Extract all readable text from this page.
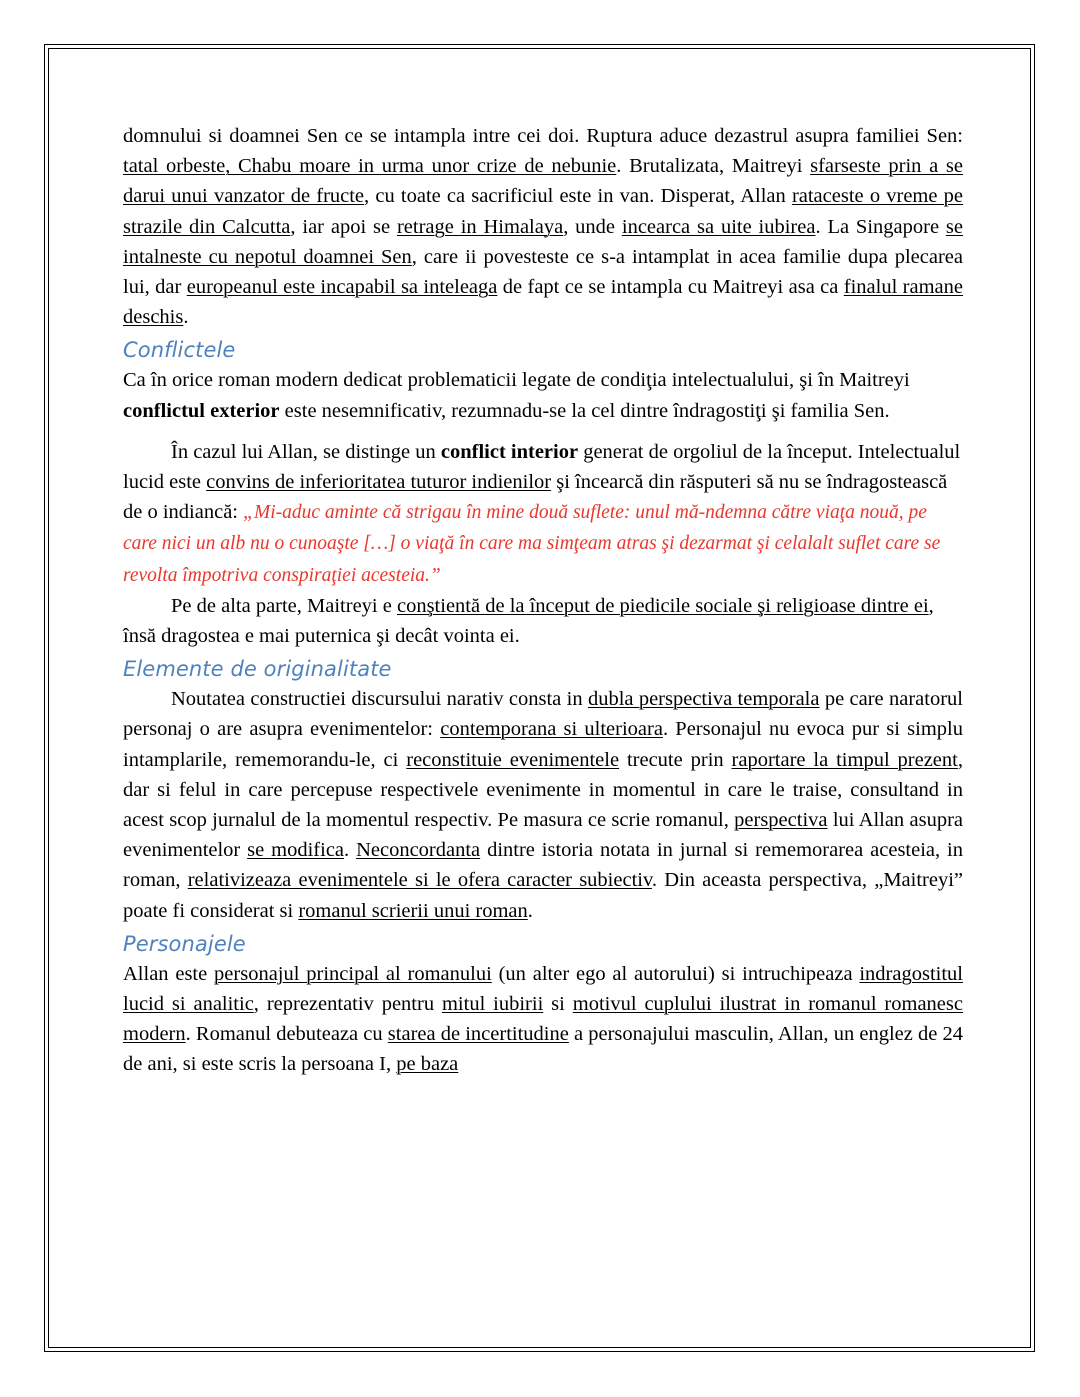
domnului si doamnei Sen ce se intampla intre cei doi. Ruptura aduce dezastrul asupra familiei Sen: tatal orbeste, Chabu moare in urma unor crize de nebunie. Brutalizata, Maitreyi sfarseste prin a se darui unui vanzator de fructe, cu toate ca sacrificiul este in van. Disperat, Allan rataceste o vreme pe strazile din Calcutta, iar apoi se retrage in Himalaya, unde incearca sa uite iubirea. La Singapore se intalneste cu nepotul doamnei Sen, care ii povesteste ce s-a intamplat in acea familie dupa plecarea lui, dar europeanul este incapabil sa inteleaga de fapt ce se intampla cu Maitreyi asa ca finalul ramane deschis.

Conflictele

Ca în orice roman modern dedicat problematicii legate de condiţia intelectualului, şi în Maitreyi conflictul exterior este nesemnificativ, rezumnadu-se la cel dintre îndragostiţi şi familia Sen.

În cazul lui Allan, se distinge un conflict interior generat de orgoliul de la început. Intelectualul lucid este convins de inferioritatea tuturor indienilor şi încearcă din răsputeri să nu se îndragostească de o indiancă: „Mi-aduc aminte că strigau în mine două suflete: unul mă-ndemna către viaţa nouă, pe care nici un alb nu o cunoaşte […] o viaţă în care ma simţeam atras şi dezarmat şi celalalt suflet care se revolta împotriva conspiraţiei acesteia.”

Pe de alta parte, Maitreyi e conştientă de la început de piedicile sociale şi religioase dintre ei, însă dragostea e mai puternica şi decât vointa ei.

Elemente de originalitate

Noutatea constructiei discursului narativ consta in dubla perspectiva temporala pe care naratorul personaj o are asupra evenimentelor: contemporana si ulterioara. Personajul nu evoca pur si simplu intamplarile, rememorandu-le, ci reconstituie evenimentele trecute prin raportare la timpul prezent, dar si felul in care percepuse respectivele evenimente in momentul in care le traise, consultand in acest scop jurnalul de la momentul respectiv. Pe masura ce scrie romanul, perspectiva lui Allan asupra evenimentelor se modifica. Neconcordanta dintre istoria notata in jurnal si rememorarea acesteia, in roman, relativizeaza evenimentele si le ofera caracter subiectiv. Din aceasta perspectiva, „Maitreyi” poate fi considerat si romanul scrierii unui roman.

Personajele

Allan este personajul principal al romanului (un alter ego al autorului) si intruchipeaza indragostitul lucid si analitic, reprezentativ pentru mitul iubirii si motivul cuplului ilustrat in romanul romanesc modern. Romanul debuteaza cu starea de incertitudine a personajului masculin, Allan, un englez de 24 de ani, si este scris la persoana I, pe baza
